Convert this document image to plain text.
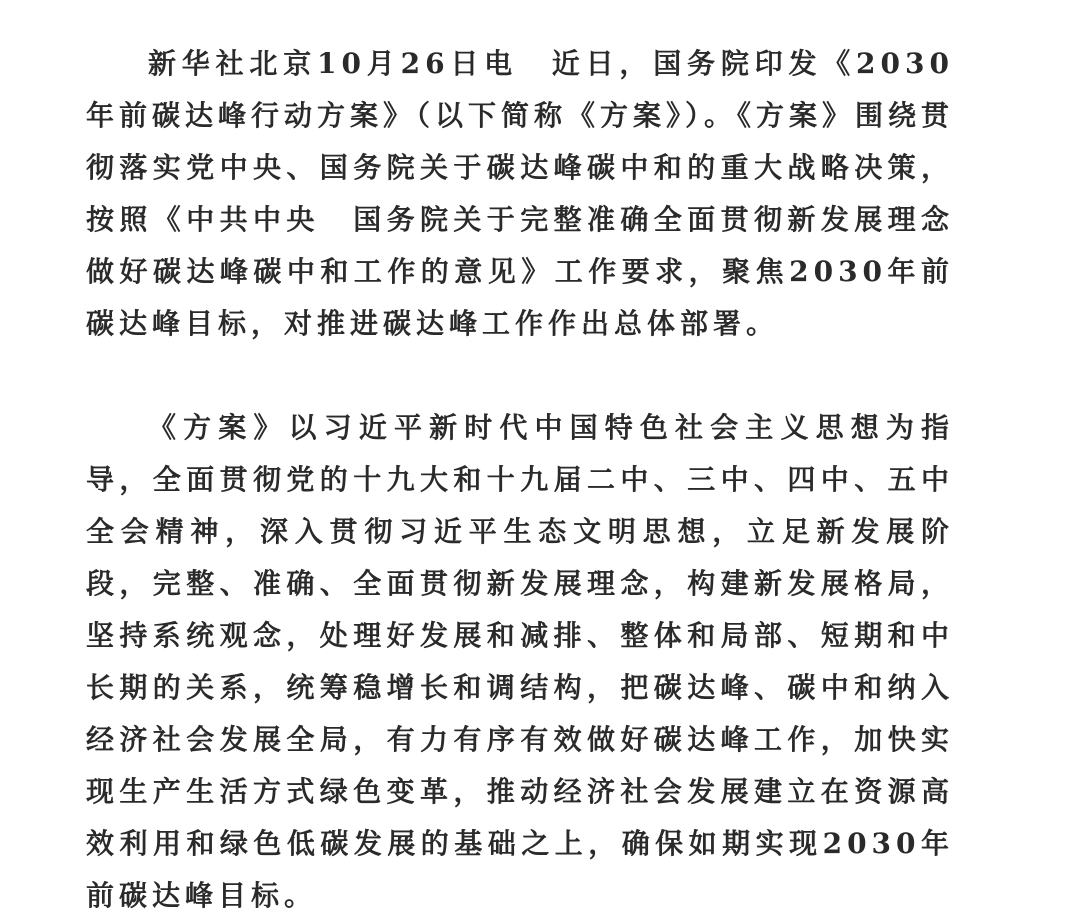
新华社北京10月26日电　近日，国务院印发《2030年前碳达峰行动方案》（以下简称《方案》）。《方案》围绕贯彻落实党中央、国务院关于碳达峰碳中和的重大战略决策，按照《中共中央　国务院关于完整准确全面贯彻新发展理念做好碳达峰碳中和工作的意见》工作要求，聚焦2030年前碳达峰目标，对推进碳达峰工作作出总体部署。

《方案》以习近平新时代中国特色社会主义思想为指导，全面贯彻党的十九大和十九届二中、三中、四中、五中全会精神，深入贯彻习近平生态文明思想，立足新发展阶段，完整、准确、全面贯彻新发展理念，构建新发展格局，坚持系统观念，处理好发展和减排、整体和局部、短期和中长期的关系，统筹稳增长和调结构，把碳达峰、碳中和纳入经济社会发展全局，有力有序有效做好碳达峰工作，加快实现生产生活方式绿色变革，推动经济社会发展建立在资源高效利用和绿色低碳发展的基础之上，确保如期实现2030年前碳达峰目标。
